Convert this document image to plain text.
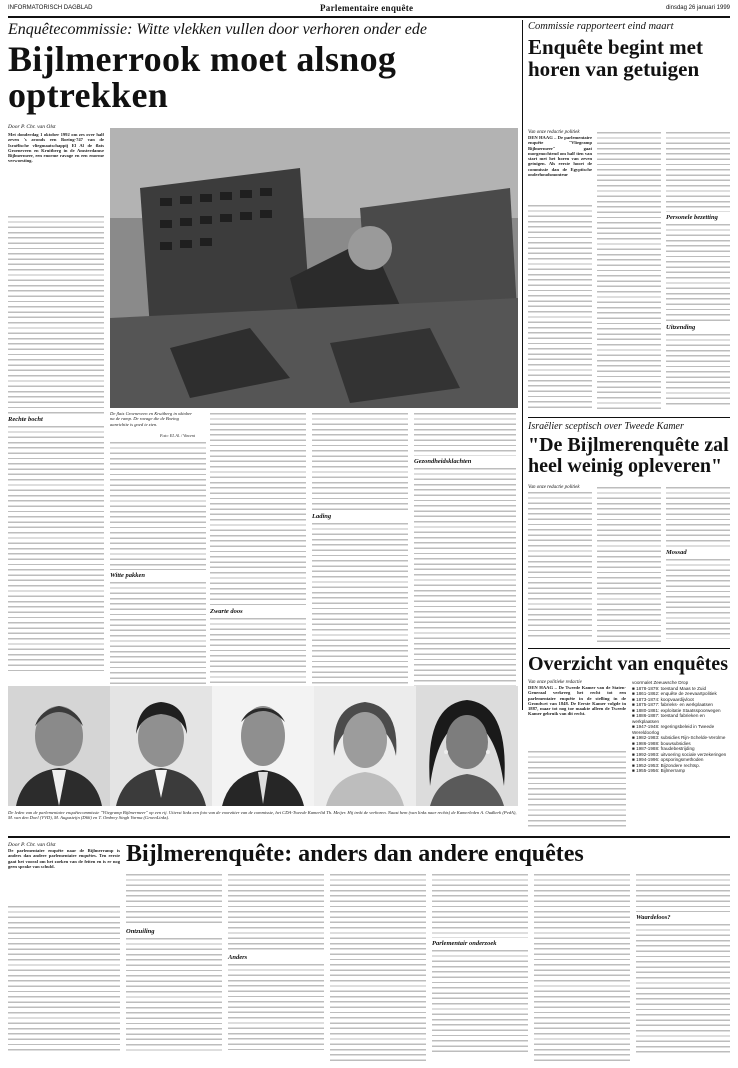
INFORMATORISCH DAGBLAD	Parlementaire enquête	dinsdag 26 januari 1999
Enquêtecommissie: Witte vlekken vullen door verhoren onder ede
Bijlmerrook moet alsnog optrekken
Door P. Chr. van Olst
Met donderdag 1 oktober 1992 om zes over half zeven 's avonds een Boeing-747 van de Israëlische vliegmaatschappij El Al de flats Groeneveen en Kruitberg in de Amsterdamse Bijlmermeer, een enorme ravage en een enorme verwoesting.
Rechte bocht
De flats Groeneveen en Kruitberg in oktober na de ramp. De ravage die de Boeing aanrichtte is goed te zien.
Foto: EL Al. / Vincent
Witte pakken
Zwarte doos
Lading
Gezondheidsklachten
Commissie rapporteert eind maart
Enquête begint met horen van getuigen
Van onze redactie politiek
DEN HAAG – De parlementaire enquête "Vliegramp Bijlmermeer" gaat morgenochtend om half tien van start met het horen van zeven getuigen. Als eerste hoort de commissie dan de Egyptische onderhoudsmonteur
Personele bezetting
Uitzending
Israëlier sceptisch over Tweede Kamer
"De Bijlmerenquête zal heel weinig opleveren"
Van onze redactie politiek
Mossad
Overzicht van enquêtes
Van onze politieke redactie
DEN HAAG – De Tweede Kamer van de Staten-Generaal verkreeg het recht tot een parlementaire enquête in de stelling in de Grondwet van 1848. De Eerste Kamer volgde in 1887, maar tot nog toe maakte alleen de Tweede Kamer gebruik van dit recht.
voormalet Zeeuwsche Drop
■ 1878-1879: toestand Maas te Zuid
■ 1861-1862: enquête de zeevaartpolitiek
■ 1873-1874: koopvaardijvloot
■ 1875-1877: fabrieks- en werkplaatsen
■ 1880-1881: exploitatie Staatsspoorwegen
■ 1886-1887: toestand fabrieken en werkplaatsen
■ 1947-1948: regeringsbeleid in Tweede Wereldoorlog
■ 1982-1983: subsidies Rijn-Schelde-Verolme
■ 1986-1988: bouwsubsidies
■ 1987-1988: fraudebestrijding
■ 1992-1993: uitvoering sociale verzekeringen
■ 1994-1996: opsporingsmethoden
■ 1952-1953: Bijzondere rechtsp.
■ 1955-1956: Bijlmerramp
De leden van de parlementaire enquêtecommissie "Vliegramp Bijlmermeer" op een rij. Uiterst links een foto van de voorzitter van de commissie, het CDA-Tweede Kamerlid Th. Meijer. Hij trekt de verhoren. Naast hem (van links naar rechts) de Kamerleden A. Oudkerk (PvdA), M. van den Doel (VVD), M. Augusteijn (D66) en T. Ombrey Singh Varma (GroenLinks).
Door P. Chr. van Olst
De parlementaire enquête naar de Bijlmerramp is anders dan andere parlementaire enquêtes. Ten eerste gaat het vooral om het zoeken van de feiten en is er nog geen sprake van schuld.	Bijlmerenquête: anders dan andere enquêtes
Ontzuiling
Anders
Parlementair onderzoek
Waardeloos?
